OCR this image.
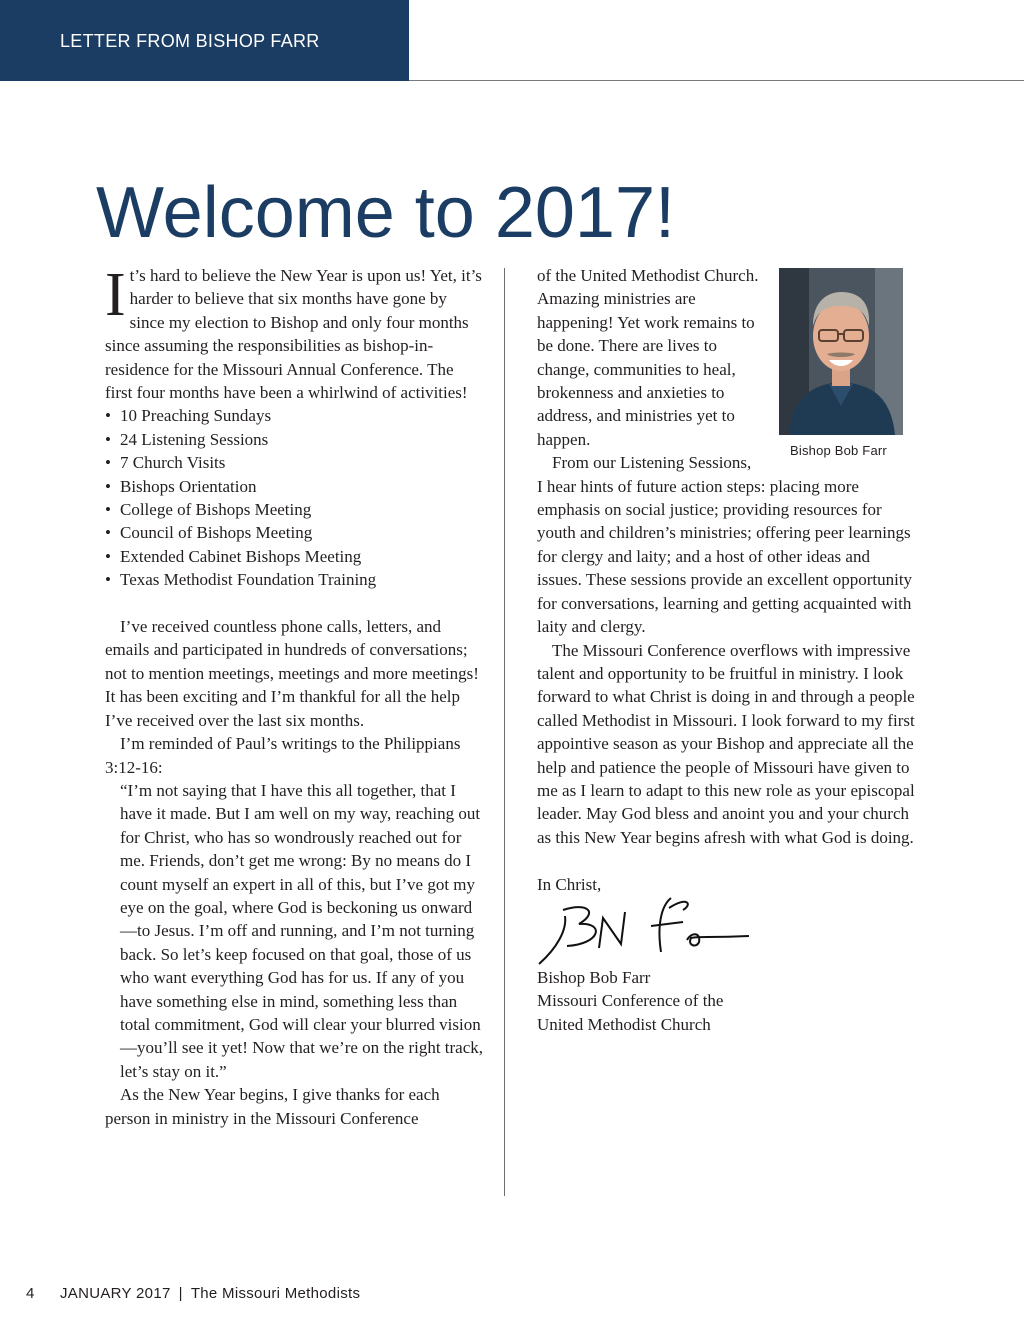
LETTER FROM BISHOP FARR
Welcome to 2017!

It’s hard to believe the New Year is upon us! Yet, it’s harder to believe that six months have gone by since my election to Bishop and only four months since assuming the responsibilities as bishop-in-residence for the Missouri Annual Conference. The first four months have been a whirlwind of activities!

• 10 Preaching Sundays
• 24 Listening Sessions
• 7 Church Visits
• Bishops Orientation
• College of Bishops Meeting
• Council of Bishops Meeting
• Extended Cabinet Bishops Meeting
• Texas Methodist Foundation Training

I’ve received countless phone calls, letters, and emails and participated in hundreds of conversations; not to mention meetings, meetings and more meetings! It has been exciting and I’m thankful for all the help I’ve received over the last six months.

I’m reminded of Paul’s writings to the Philippians 3:12-16:

“I’m not saying that I have this all together, that I have it made. But I am well on my way, reaching out for Christ, who has so wondrously reached out for me. Friends, don’t get me wrong: By no means do I count myself an expert in all of this, but I’ve got my eye on the goal, where God is beckoning us onward—to Jesus. I’m off and running, and I’m not turning back. So let’s keep focused on that goal, those of us who want everything God has for us. If any of you have something else in mind, something less than total commitment, God will clear your blurred vision—you’ll see it yet! Now that we’re on the right track, let’s stay on it.”

As the New Year begins, I give thanks for each person in ministry in the Missouri Conference

Bishop Bob Farr

of the United Methodist Church. Amazing ministries are happening! Yet work remains to be done. There are lives to change, communities to heal, brokenness and anxieties to address, and ministries yet to happen.

From our Listening Sessions,

I hear hints of future action steps: placing more emphasis on social justice; providing resources for youth and children’s ministries; offering peer learnings for clergy and laity; and a host of other ideas and issues. These sessions provide an excellent opportunity for conversations, learning and getting acquainted with laity and clergy.

The Missouri Conference overflows with impressive talent and opportunity to be fruitful in ministry. I look forward to what Christ is doing in and through a people called Methodist in Missouri. I look forward to my first appointive season as your Bishop and appreciate all the help and patience the people of Missouri have given to me as I learn to adapt to this new role as your episcopal leader. May God bless and anoint you and your church as this New Year begins afresh with what God is doing.

In Christ,

Bishop Bob Farr

Missouri Conference of the

United Methodist Church

4 JANUARY 2017 | The Missouri Methodists
